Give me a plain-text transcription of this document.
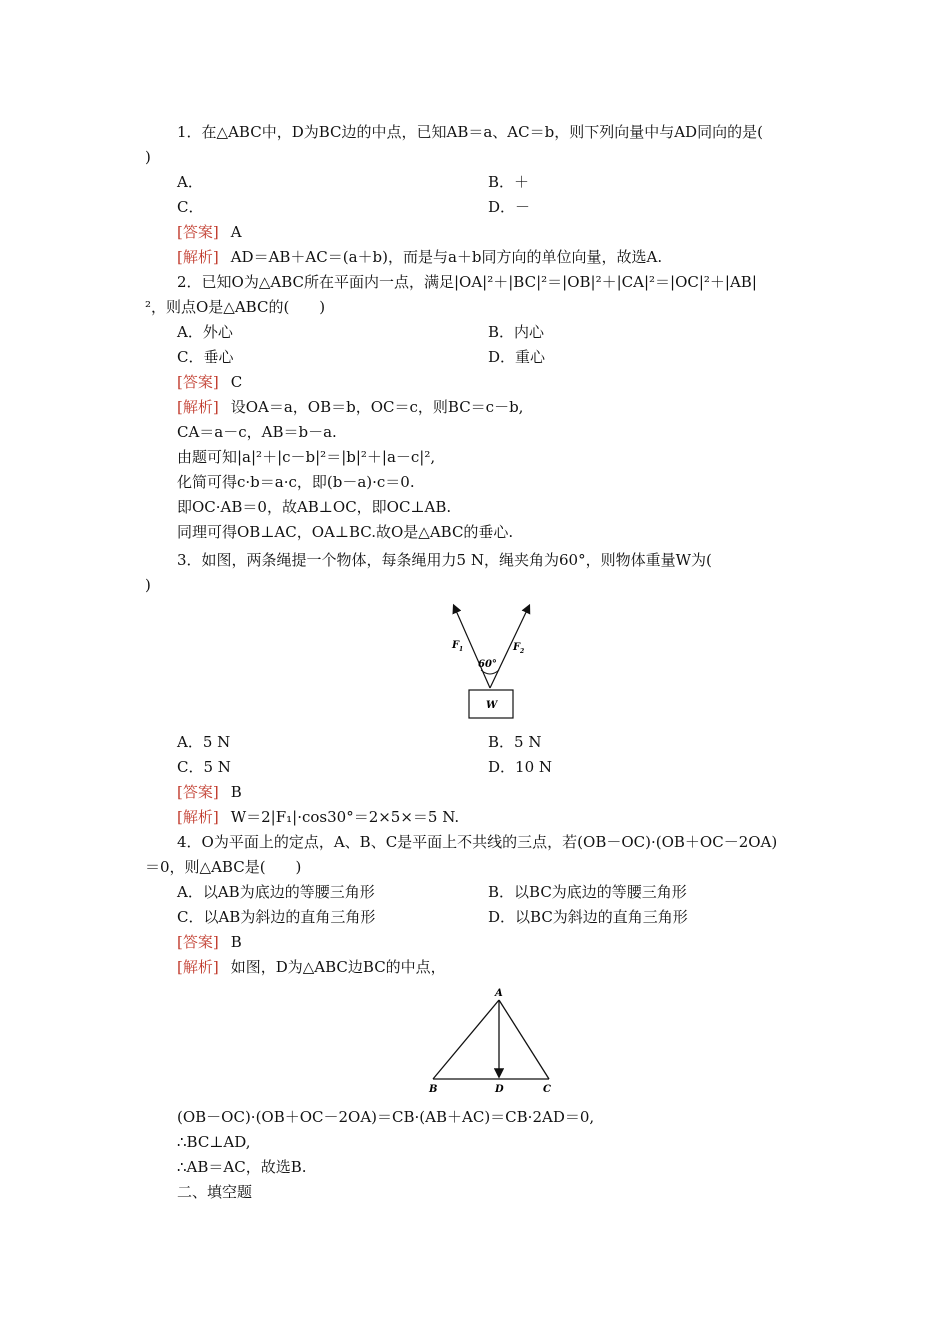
1．在△ABC中，D为BC边的中点，已知AB＝a、AC＝b，则下列向量中与AD同向的是(
)
A．	B．＋
C．	D．－
[答案] A
[解析] AD＝AB＋AC＝(a＋b)，而是与a＋b同方向的单位向量，故选A.
2．已知O为△ABC所在平面内一点，满足|OA|²＋|BC|²＝|OB|²＋|CA|²＝|OC|²＋|AB|
²，则点O是△ABC的(　　)
A．外心	B．内心
C．垂心	D．重心
[答案] C
[解析] 设OA＝a，OB＝b，OC＝c，则BC＝c－b,
CA＝a－c，AB＝b－a.
由题可知|a|²＋|c－b|²＝|b|²＋|a－c|²,
化简可得c·b＝a·c，即(b－a)·c＝0.
即OC·AB＝0，故AB⊥OC，即OC⊥AB.
同理可得OB⊥AC，OA⊥BC.故O是△ABC的垂心.
3．如图，两条绳提一个物体，每条绳用力5 N，绳夹角为60°，则物体重量W为(
)
60°
F 1	F 2
W
A．5 N	B．5 N
C．5 N	D．10 N
[答案] B
[解析] W＝2|F₁|·cos30°＝2×5×＝5 N.
4．O为平面上的定点，A、B、C是平面上不共线的三点，若(OB－OC)·(OB＋OC－2OA)
＝0，则△ABC是(　　)
A．以AB为底边的等腰三角形	B．以BC为底边的等腰三角形
C．以AB为斜边的直角三角形	D．以BC为斜边的直角三角形
[答案] B
[解析] 如图，D为△ABC边BC的中点，
A
B	D	C
(OB－OC)·(OB＋OC－2OA)＝CB·(AB＋AC)＝CB·2AD＝0,
∴BC⊥AD,
∴AB＝AC，故选B.
二、填空题
